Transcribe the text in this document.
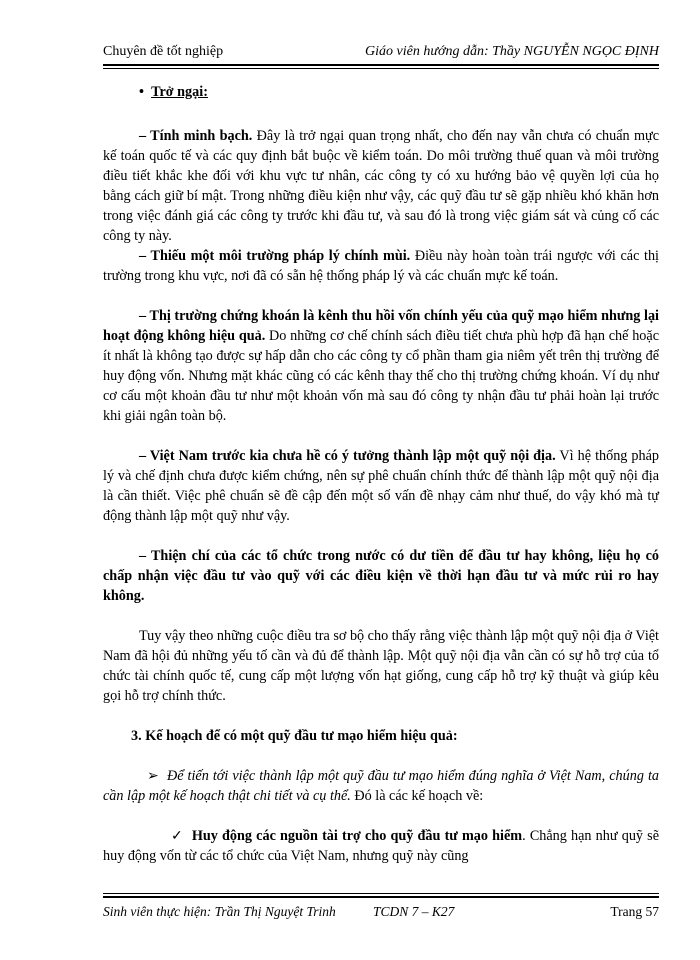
Chuyên đề tốt nghiệp	Giáo viên hướng dẫn: Thầy NGUYỄN NGỌC ĐỊNH

• Trở ngại:

– Tính minh bạch. Đây là trở ngại quan trọng nhất, cho đến nay vẫn chưa có chuẩn mực kế toán quốc tế và các quy định bắt buộc về kiểm toán. Do môi trường thuế quan và môi trường điều tiết khắc khe đối với khu vực tư nhân, các công ty có xu hướng bảo vệ quyền lợi của họ bằng cách giữ bí mật. Trong những điều kiện như vậy, các quỹ đầu tư sẽ gặp nhiều khó khăn hơn trong việc đánh giá các công ty trước khi đầu tư, và sau đó là trong việc giám sát và củng cố các công ty này.

– Thiếu một môi trường pháp lý chính mùi. Điều này hoàn toàn trái ngược với các thị trường trong khu vực, nơi đã có sẵn hệ thống pháp lý và các chuẩn mực kế toán.

– Thị trường chứng khoán là kênh thu hồi vốn chính yếu của quỹ mạo hiểm nhưng lại hoạt động không hiệu quả. Do những cơ chế chính sách điều tiết chưa phù hợp đã hạn chế hoặc ít nhất là không tạo được sự hấp dẫn cho các công ty cổ phần tham gia niêm yết trên thị trường để huy động vốn. Nhưng mặt khác cũng có các kênh thay thế cho thị trường chứng khoán. Ví dụ như cơ cấu một khoản đầu tư như một khoản vốn mà sau đó công ty nhận đầu tư phải hoàn lại trước khi giải ngân toàn bộ.

– Việt Nam trước kia chưa hề có ý tưởng thành lập một quỹ nội địa. Vì hệ thống pháp lý và chế định chưa được kiểm chứng, nên sự phê chuẩn chính thức để thành lập một quỹ nội địa là cần thiết. Việc phê chuẩn sẽ đề cập đến một số vấn đề nhạy cảm như thuế, do vậy khó mà tự động thành lập một quỹ như vậy.

– Thiện chí của các tổ chức trong nước có dư tiền để đầu tư hay không, liệu họ có chấp nhận việc đầu tư vào quỹ với các điều kiện về thời hạn đầu tư và mức rủi ro hay không.

Tuy vậy theo những cuộc điều tra sơ bộ cho thấy rằng việc thành lập một quỹ nội địa ở Việt Nam đã hội đủ những yếu tố cần và đủ để thành lập. Một quỹ nội địa vẫn cần có sự hỗ trợ của tổ chức tài chính quốc tế, cung cấp một lượng vốn hạt giống, cung cấp hỗ trợ kỹ thuật và giúp kêu gọi hỗ trợ chính thức.

3. Kế hoạch để có một quỹ đầu tư mạo hiểm hiệu quả:

➢ Để tiến tới việc thành lập một quỹ đầu tư mạo hiểm đúng nghĩa ở Việt Nam, chúng ta cần lập một kế hoạch thật chi tiết và cụ thể. Đó là các kế hoạch về:

✓ Huy động các nguồn tài trợ cho quỹ đầu tư mạo hiểm. Chẳng hạn như quỹ sẽ huy động vốn từ các tổ chức của Việt Nam, nhưng quỹ này cũng

Sinh viên thực hiện: Trần Thị Nguyệt Trinh	TCDN 7 – K27	Trang 57
